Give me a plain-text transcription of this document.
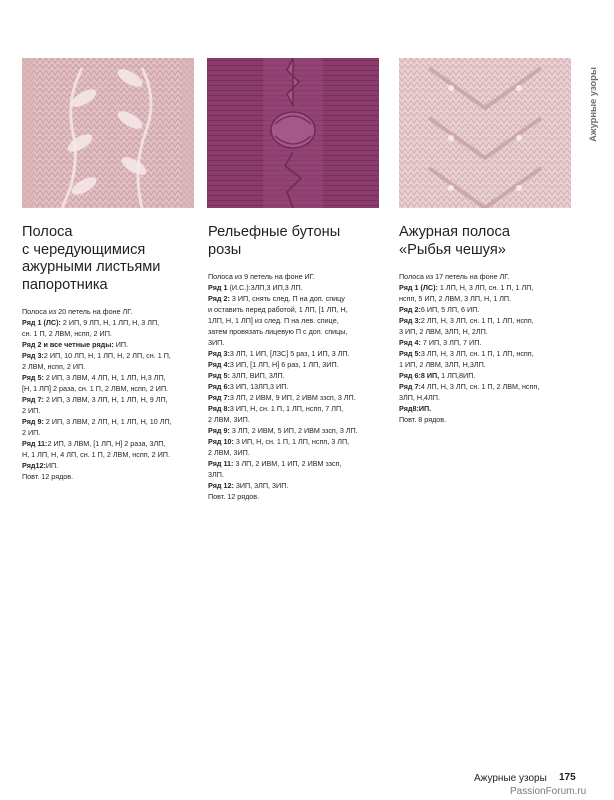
Ажурные узоры
Полоса
с чередующимися
ажурными листьями
папоротника
Полоса из 20 петель на фоне ЛГ.
Ряд 1 (ЛС): 2 ИП, 9 ЛП, Н, 1 ЛП, Н, 3 ЛП,
сн. 1 П, 2 ЛВМ, нспп, 2 ИП.
Ряд 2 и все четные ряды: ИП.
Ряд 3:2 ИП, 10 ЛП, Н, 1 ЛП, Н, 2 ЛП, сн. 1 П,
2 ЛВМ, нспп, 2 ИП.
Ряд 5: 2 ИП, 3 ЛВМ, 4 ЛП, Н, 1 ЛП, Н,3 ЛП,
[Н, 1 ЛП] 2 раза, сн. 1 П, 2 ЛВМ, нспп, 2 ИП.
Ряд 7: 2 ИП, 3 ЛВМ, 3 ЛП, Н, 1 ЛП, Н, 9 ЛП,
2 ИП.
Ряд 9: 2 ИП, 3 ЛВМ, 2 ЛП, Н, 1 ЛП, Н, 10 ЛП,
2 ИП.
Ряд 11:2 ИП, 3 ЛВМ, [1 ЛП, Н] 2 раза, 3ЛП,
Н, 1 ЛП, Н, 4 ЛП, сн. 1 П, 2 ЛВМ, нспп, 2 ИП.
Ряд12:ИП.
Повт. 12 рядов.
Рельефные бутоны
розы
Полоса из 9 петель на фоне ИГ.
Ряд 1 (И.С.):3ЛП,3 ИП,3 ЛП.
Ряд 2: 3 ИП, снять след. П на доп. спицу
и оставить перед работой, 1 ЛП, [1 ЛП, Н,
1ЛП, Н, 1 ЛП] из след. П на лев. спице,
затем провязать лицевую П с доп. спицы,
3ИП.
Ряд 3:3 ЛП, 1 ИП, [ЛЗС] 5 раз, 1 ИП, 3 ЛП.
Ряд 4:3 ИП, [1 ЛП, Н] 6 раз, 1 ЛП, 3ИП.
Ряд 5: 3ЛП, ВИП, 3ЛП.
Ряд 6:3 ИП, 13ЛП,3 ИП.
Ряд 7:3 ЛП, 2 ИВМ, 9 ИП, 2 ИВМ ззсп, 3 ЛП.
Ряд 8:3 ИП, Н, сн. 1 П, 1 ЛП, нспп, 7 ЛП,
2 ЛВМ, 3ИП.
Ряд 9: 3 ЛП, 2 ИВМ, 5 ИП, 2 ИВМ ззсп, 3 ЛП.
Ряд 10: 3 ИП, Н, сн. 1 П, 1 ЛП, нспп, 3 ЛП,
2 ЛВМ, 3ИП.
Ряд 11: 3 ЛП, 2 ИВМ, 1 ИП, 2 ИВМ ззсп,
3ЛП.
Ряд 12: 3ИП, 3ЛП, 3ИП.
Повт. 12 рядов.
Ажурная полоса
«Рыбья чешуя»
Полоса из 17 петель на фоне ЛГ.
Ряд 1 (ЛС): 1 ЛП, Н, 3 ЛП, сн. 1 П, 1 ЛП,
нспп, 5 ИП, 2 ЛВМ, 3 ЛП, Н, 1 ЛП.
Ряд 2:6 ИП, 5 ЛП, 6 ИП.
Ряд 3:2 ЛП, Н, 3 ЛП, сн. 1 П, 1 ЛП, нспп,
3 ИП, 2 ЛВМ, 3ЛП, Н, 2ЛП.
Ряд 4: 7 ИП, 3 ЛП, 7 ИП.
Ряд 5:3 ЛП, Н, 3 ЛП, сн. 1 П, 1 ЛП, нспп,
1 ИП, 2 ЛВМ, 3ЛП, Н,3ЛП.
Ряд 6:8 ИП, 1 ЛП,8ИП.
Ряд 7:4 ЛП, Н, 3 ЛП, сн. 1 П, 2 ЛВМ, нспп,
3ЛП, Н,4ЛП.
Ряд8:ИП.
Повт. 8 рядов.
Ажурные узоры 175
PassionForum.ru
